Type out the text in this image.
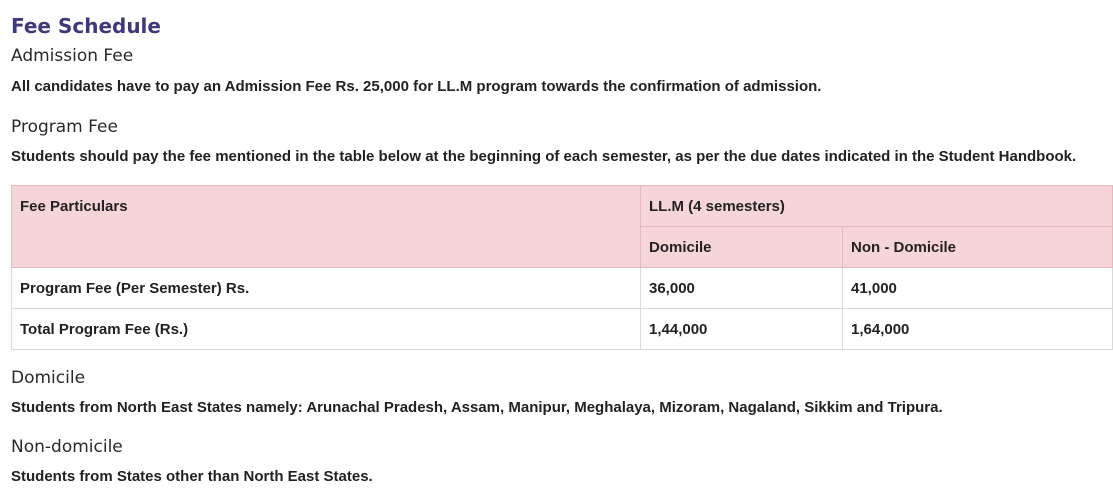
Fee Schedule
Admission Fee
All candidates have to pay an Admission Fee Rs. 25,000 for LL.M program towards the confirmation of admission.
Program Fee
Students should pay the fee mentioned in the table below at the beginning of each semester, as per the due dates indicated in the Student Handbook.
Fee Particulars	LL.M (4 semesters)	
	Domicile	Non - Domicile
Program Fee (Per Semester) Rs.	36,000	41,000
Total Program Fee (Rs.)	1,44,000	1,64,000
Domicile
Students from North East States namely: Arunachal Pradesh, Assam, Manipur, Meghalaya, Mizoram, Nagaland, Sikkim and Tripura.
Non-domicile
Students from States other than North East States.
